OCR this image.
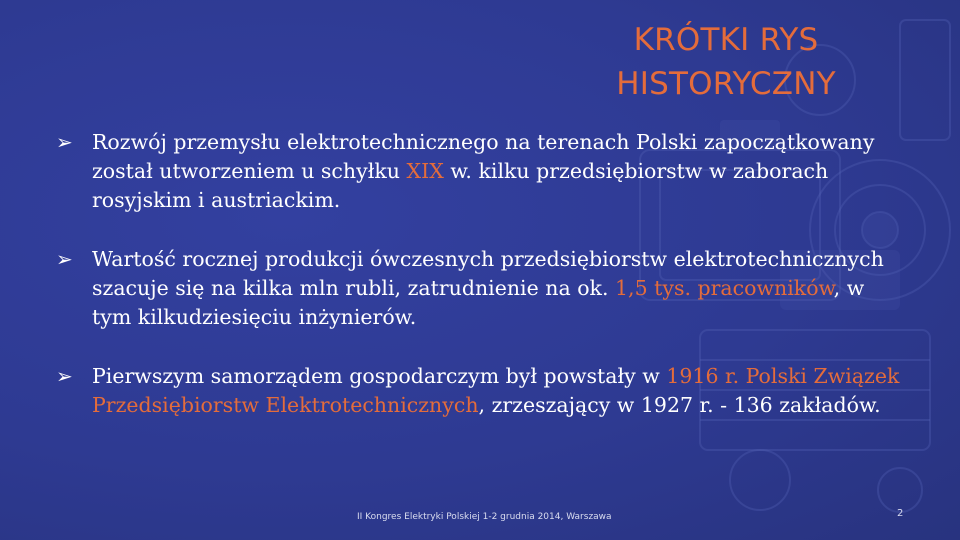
KRÓTKI RYS
HISTORYCZNY
➢ Rozwój przemysłu elektrotechnicznego na terenach Polski zapoczątkowany został utworzeniem u schyłku XIX w. kilku przedsiębiorstw w zaborach rosyjskim i austriackim.
➢ Wartość rocznej produkcji ówczesnych przedsiębiorstw elektrotechnicznych szacuje się na kilka mln rubli, zatrudnienie na ok. 1,5 tys. pracowników, w tym kilkudziesięciu inżynierów.
➢ Pierwszym samorządem gospodarczym był powstały w 1916 r. Polski Związek Przedsiębiorstw Elektrotechnicznych, zrzeszający w 1927 r. - 136 zakładów.
II Kongres Elektryki Polskiej 1-2 grudnia 2014, Warszawa	2
